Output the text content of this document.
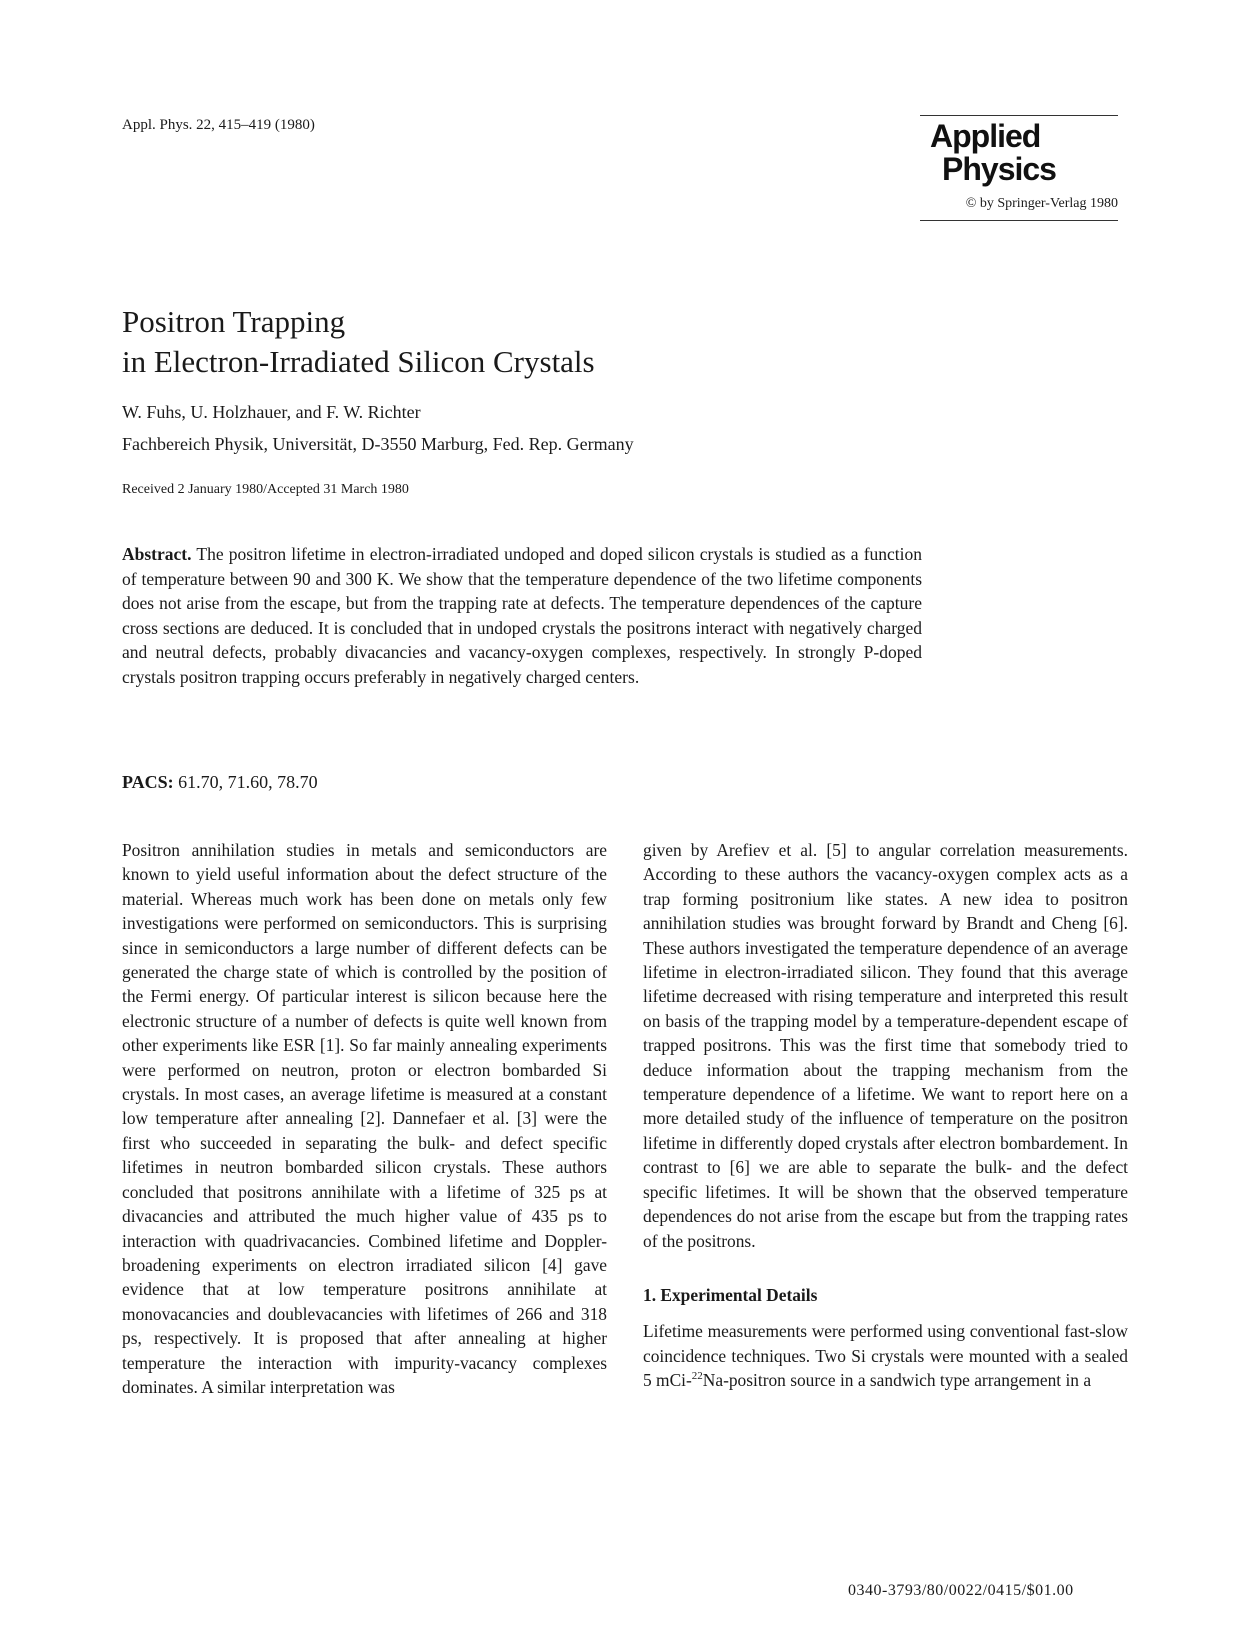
Appl. Phys. 22, 415–419 (1980)	Applied
Physics
© by Springer-Verlag 1980
Positron Trapping
in Electron-Irradiated Silicon Crystals
W. Fuhs, U. Holzhauer, and F. W. Richter
Fachbereich Physik, Universität, D-3550 Marburg, Fed. Rep. Germany
Received 2 January 1980/Accepted 31 March 1980
Abstract. The positron lifetime in electron-irradiated undoped and doped silicon crystals is studied as a function of temperature between 90 and 300 K. We show that the temperature dependence of the two lifetime components does not arise from the escape, but from the trapping rate at defects. The temperature dependences of the capture cross sections are deduced. It is concluded that in undoped crystals the positrons interact with negatively charged and neutral defects, probably divacancies and vacancy-oxygen complexes, respectively. In strongly P-doped crystals positron trapping occurs preferably in negatively charged centers.
PACS: 61.70, 71.60, 78.70

Positron annihilation studies in metals and semiconductors are known to yield useful information about the defect structure of the material. Whereas much work has been done on metals only few investigations were performed on semiconductors. This is surprising since in semiconductors a large number of different defects can be generated the charge state of which is controlled by the position of the Fermi energy. Of particular interest is silicon because here the electronic structure of a number of defects is quite well known from other experiments like ESR [1]. So far mainly annealing experiments were performed on neutron, proton or electron bombarded Si crystals. In most cases, an average lifetime is measured at a constant low temperature after annealing [2]. Dannefaer et al. [3] were the first who succeeded in separating the bulk- and defect specific lifetimes in neutron bombarded silicon crystals. These authors concluded that positrons annihilate with a lifetime of 325 ps at divacancies and attributed the much higher value of 435 ps to interaction with quadrivacancies. Combined lifetime and Doppler-broadening experiments on electron irradiated silicon [4] gave evidence that at low temperature positrons annihilate at monovacancies and doublevacancies with lifetimes of 266 and 318 ps, respectively. It is proposed that after annealing at higher temperature the interaction with impurity-vacancy complexes dominates. A similar interpretation was

given by Arefiev et al. [5] to angular correlation measurements. According to these authors the vacancy-oxygen complex acts as a trap forming positronium like states. A new idea to positron annihilation studies was brought forward by Brandt and Cheng [6]. These authors investigated the temperature dependence of an average lifetime in electron-irradiated silicon. They found that this average lifetime decreased with rising temperature and interpreted this result on basis of the trapping model by a temperature-dependent escape of trapped positrons. This was the first time that somebody tried to deduce information about the trapping mechanism from the temperature dependence of a lifetime. We want to report here on a more detailed study of the influence of temperature on the positron lifetime in differently doped crystals after electron bombardement. In contrast to [6] we are able to separate the bulk- and the defect specific lifetimes. It will be shown that the observed temperature dependences do not arise from the escape but from the trapping rates of the positrons.

1. Experimental Details

Lifetime measurements were performed using conventional fast-slow coincidence techniques. Two Si crystals were mounted with a sealed 5 mCi-$^{22}$Na-positron source in a sandwich type arrangement in a

0340-3793/80/0022/0415/$01.00
